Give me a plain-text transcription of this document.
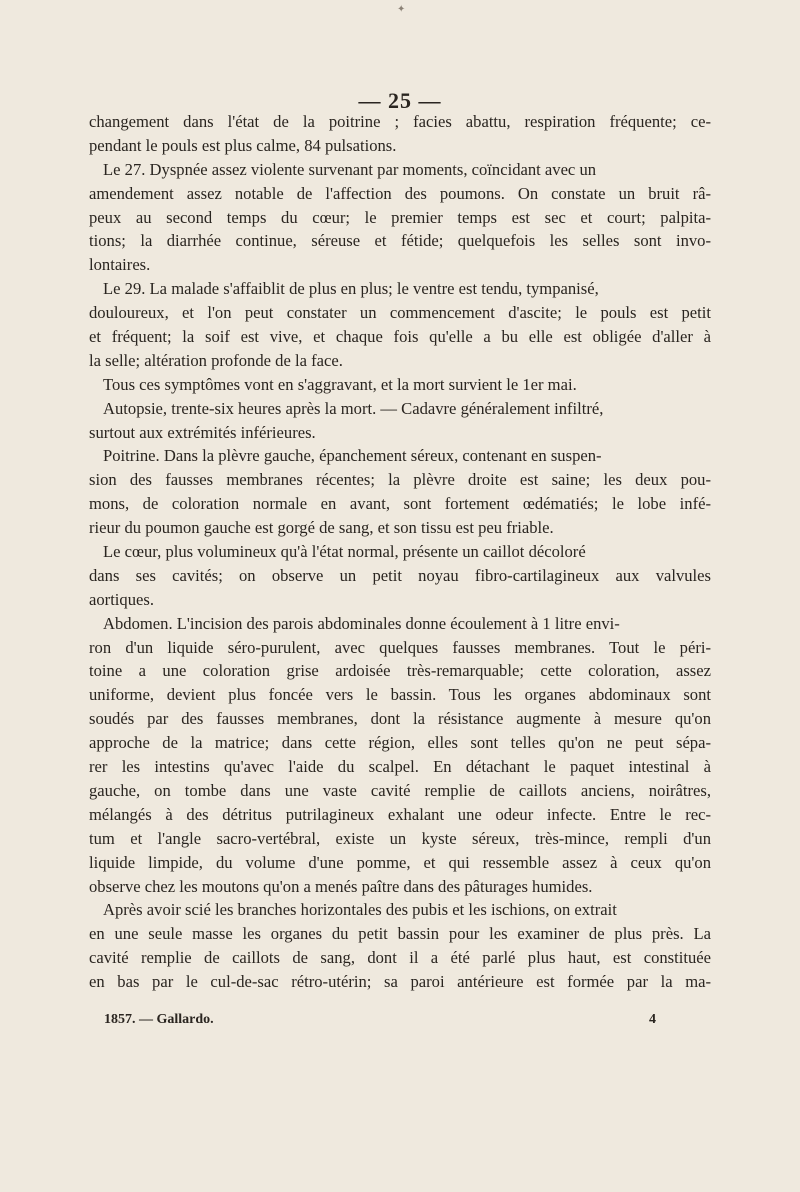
✦
— 25 —
changement dans l'état de la poitrine ; facies abattu, respiration fréquente; ce-
pendant le pouls est plus calme, 84 pulsations.
Le 27. Dyspnée assez violente survenant par moments, coïncidant avec un
amendement assez notable de l'affection des poumons. On constate un bruit râ-
peux au second temps du cœur; le premier temps est sec et court; palpita-
tions; la diarrhée continue, séreuse et fétide; quelquefois les selles sont invo-
lontaires.
Le 29. La malade s'affaiblit de plus en plus; le ventre est tendu, tympanisé,
douloureux, et l'on peut constater un commencement d'ascite; le pouls est petit
et fréquent; la soif est vive, et chaque fois qu'elle a bu elle est obligée d'aller à
la selle; altération profonde de la face.
Tous ces symptômes vont en s'aggravant, et la mort survient le 1er mai.
Autopsie, trente-six heures après la mort. — Cadavre généralement infiltré,
surtout aux extrémités inférieures.
Poitrine. Dans la plèvre gauche, épanchement séreux, contenant en suspen-
sion des fausses membranes récentes; la plèvre droite est saine; les deux pou-
mons, de coloration normale en avant, sont fortement œdématiés; le lobe infé-
rieur du poumon gauche est gorgé de sang, et son tissu est peu friable.
Le cœur, plus volumineux qu'à l'état normal, présente un caillot décoloré
dans ses cavités; on observe un petit noyau fibro-cartilagineux aux valvules
aortiques.
Abdomen. L'incision des parois abdominales donne écoulement à 1 litre envi-
ron d'un liquide séro-purulent, avec quelques fausses membranes. Tout le péri-
toine a une coloration grise ardoisée très-remarquable; cette coloration, assez
uniforme, devient plus foncée vers le bassin. Tous les organes abdominaux sont
soudés par des fausses membranes, dont la résistance augmente à mesure qu'on
approche de la matrice; dans cette région, elles sont telles qu'on ne peut sépa-
rer les intestins qu'avec l'aide du scalpel. En détachant le paquet intestinal à
gauche, on tombe dans une vaste cavité remplie de caillots anciens, noirâtres,
mélangés à des détritus putrilagineux exhalant une odeur infecte. Entre le rec-
tum et l'angle sacro-vertébral, existe un kyste séreux, très-mince, rempli d'un
liquide limpide, du volume d'une pomme, et qui ressemble assez à ceux qu'on
observe chez les moutons qu'on a menés paître dans des pâturages humides.
Après avoir scié les branches horizontales des pubis et les ischions, on extrait
en une seule masse les organes du petit bassin pour les examiner de plus près. La
cavité remplie de caillots de sang, dont il a été parlé plus haut, est constituée
en bas par le cul-de-sac rétro-utérin; sa paroi antérieure est formée par la ma-
1857. — Gallardo.	4
